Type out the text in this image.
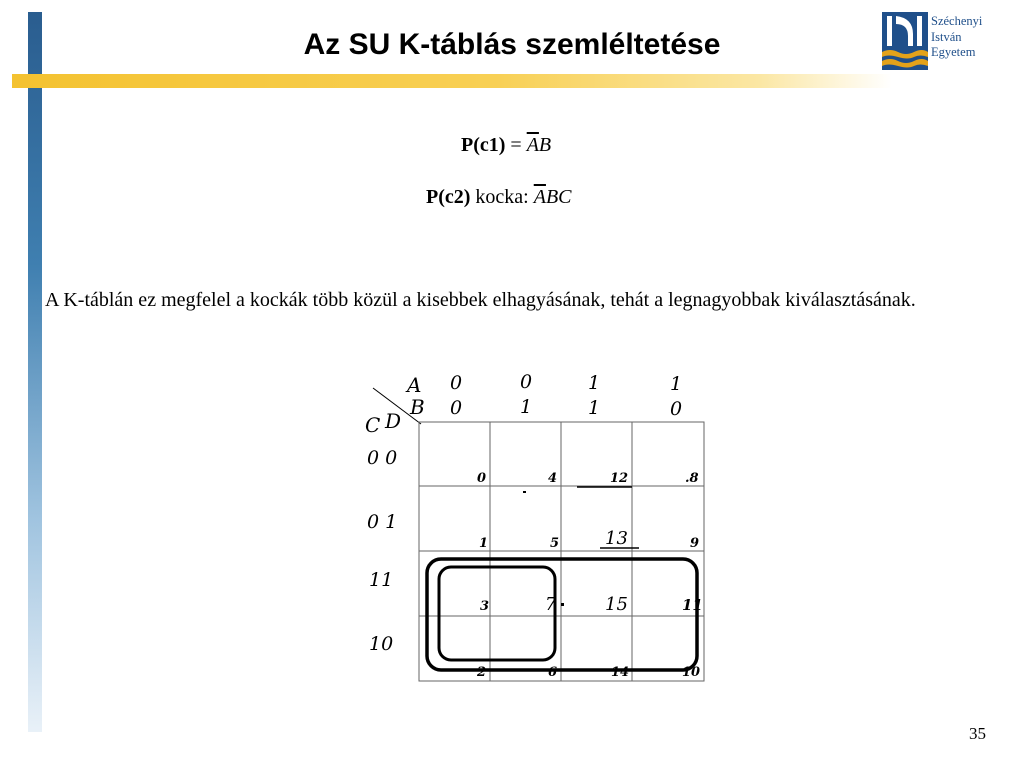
Az SU K-táblás szemléltetése
Széchenyi
István
Egyetem
$P(c1) = \overline{A}B$
P(c2) kocka: $\overline{A}BC$
A K-táblán ez megfelel a kockák több közül a kisebbek elhagyásának, tehát a legnagyobbak kiválasztásának.
A
B
C D
0
0
0
1
1
1
1
0
0 0
0 1
11
10
0	4	12	.8
1	5	13	9
3	7	15	11
2	6	14	10
35
